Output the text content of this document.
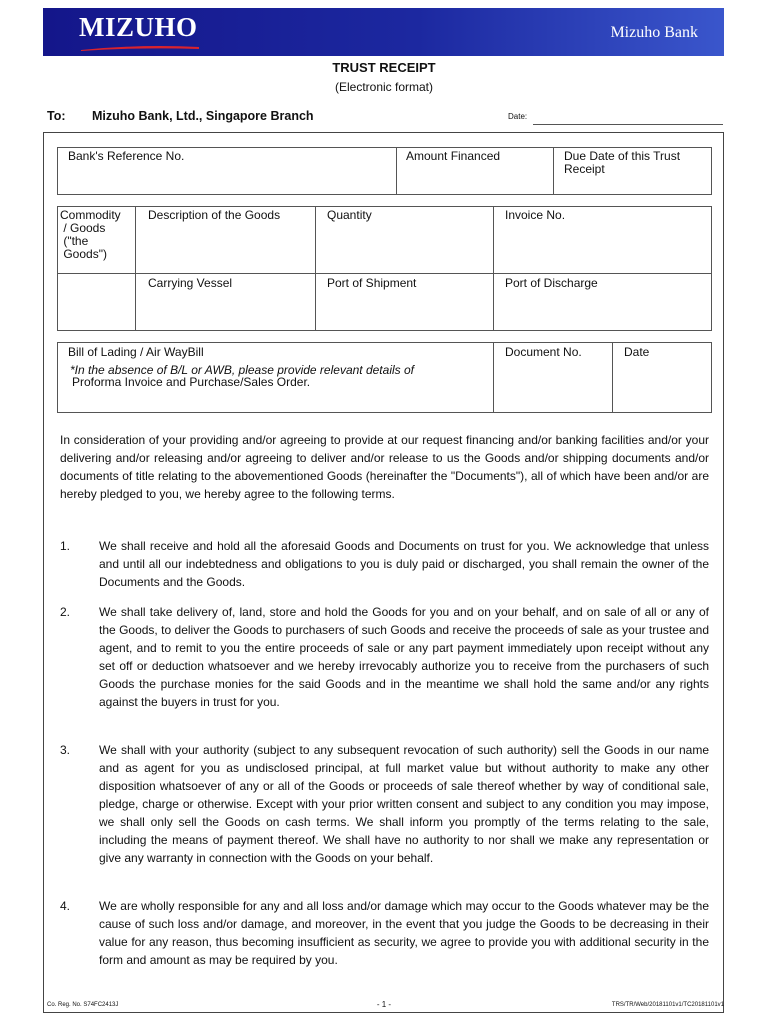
MIZUHO	Mizuho Bank
TRUST RECEIPT
(Electronic format)
To: Mizuho Bank, Ltd., Singapore Branch	Date:
Bank's Reference No.	Amount Financed	Due Date of this Trust
Receipt
Commodity
/ Goods
("the
Goods")
Description of the Goods	Quantity	Invoice No.
Carrying Vessel	Port of Shipment	Port of Discharge
Bill of Lading / Air WayBill
*In the absence of B/L or AWB, please provide relevant details of
Proforma Invoice and Purchase/Sales Order.
Document No.	Date
In consideration of your providing and/or agreeing to provide at our request financing and/or banking facilities and/or your delivering and/or releasing and/or agreeing to deliver and/or release to us the Goods and/or shipping documents and/or documents of title relating to the abovementioned Goods (hereinafter the "Documents"), all of which have been and/or are hereby pledged to you, we hereby agree to the following terms.
1. We shall receive and hold all the aforesaid Goods and Documents on trust for you. We acknowledge that unless and until all our indebtedness and obligations to you is duly paid or discharged, you shall remain the owner of the Documents and the Goods.
2. We shall take delivery of, land, store and hold the Goods for you and on your behalf, and on sale of all or any of the Goods, to deliver the Goods to purchasers of such Goods and receive the proceeds of sale as your trustee and agent, and to remit to you the entire proceeds of sale or any part payment immediately upon receipt without any set off or deduction whatsoever and we hereby irrevocably authorize you to receive from the purchasers of such Goods the purchase monies for the said Goods and in the meantime we shall hold the same and/or any rights against the buyers in trust for you.
3. We shall with your authority (subject to any subsequent revocation of such authority) sell the Goods in our name and as agent for you as undisclosed principal, at full market value but without authority to make any other disposition whatsoever of any or all of the Goods or proceeds of sale thereof whether by way of conditional sale, pledge, charge or otherwise. Except with your prior written consent and subject to any condition you may impose, we shall only sell the Goods on cash terms. We shall inform you promptly of the terms relating to the sale, including the means of payment thereof. We shall have no authority to nor shall we make any representation or give any warranty in connection with the Goods on your behalf.
4. We are wholly responsible for any and all loss and/or damage which may occur to the Goods whatever may be the cause of such loss and/or damage, and moreover, in the event that you judge the Goods to be decreasing in their value for any reason, thus becoming insufficient as security, we agree to provide you with additional security in the form and amount as may be required by you.
Co. Reg. No. S74FC2413J	- 1 -	TRS/TR/Web/20181101v1/TC20181101v1
